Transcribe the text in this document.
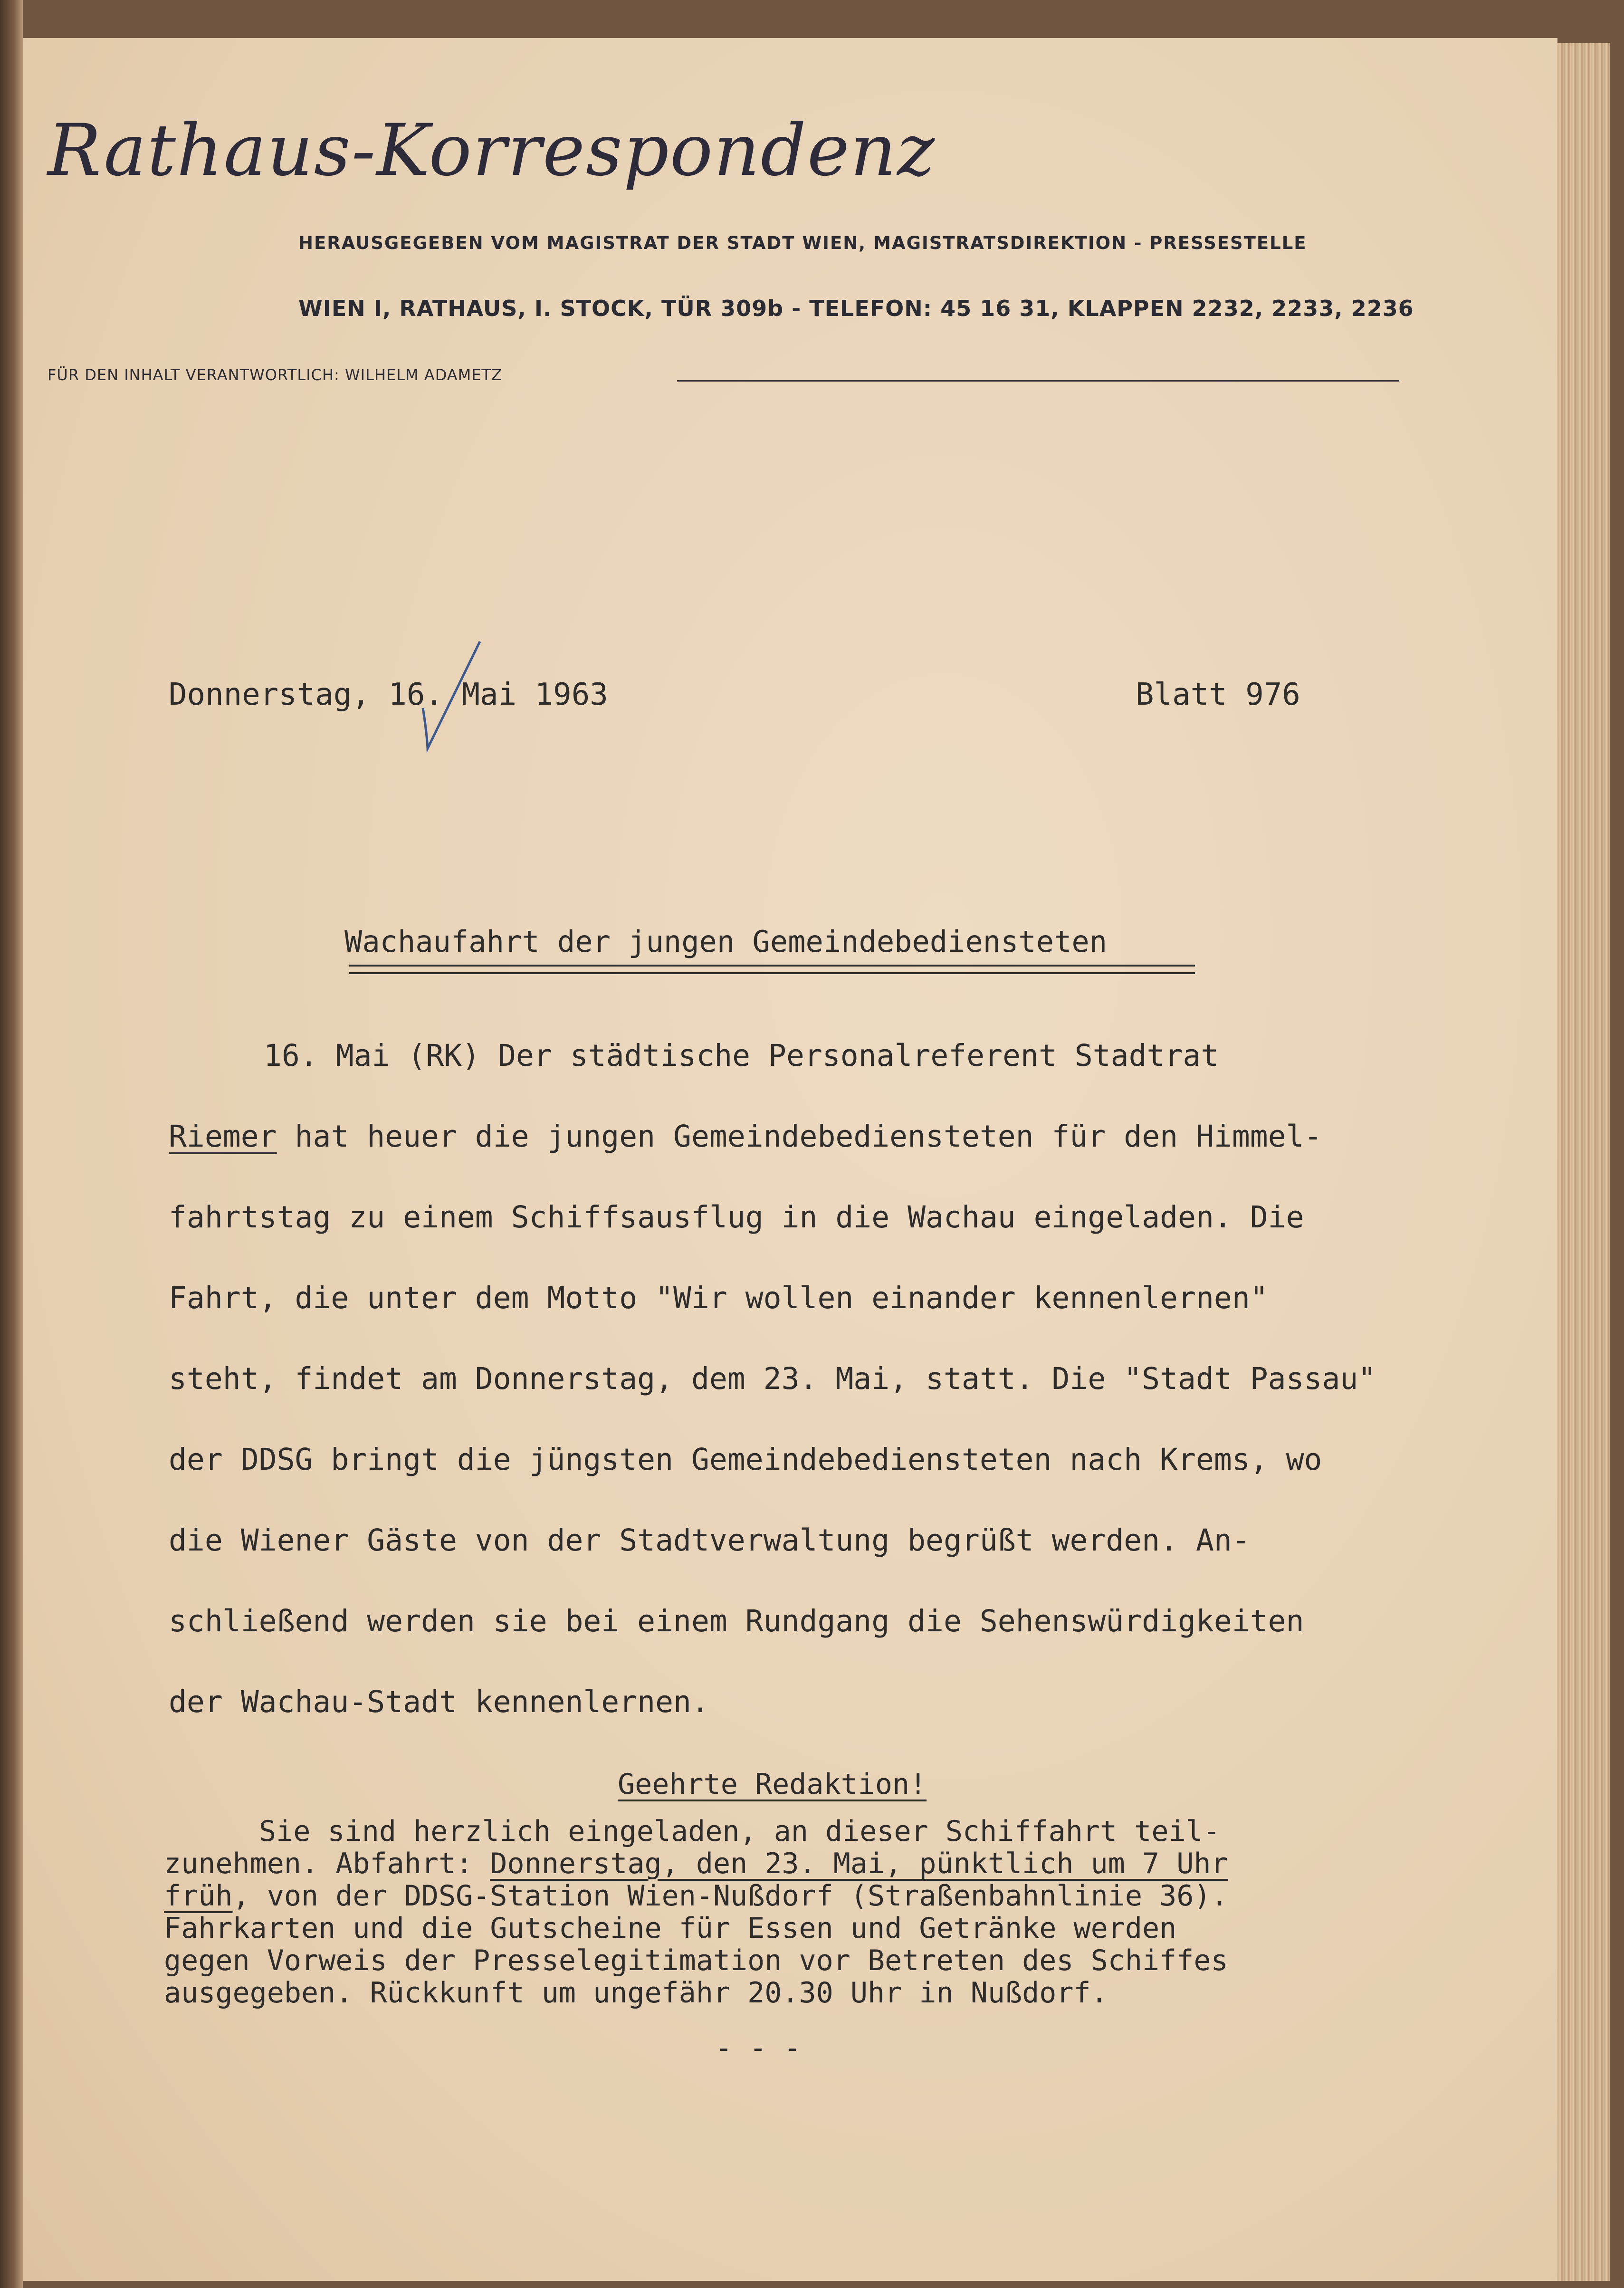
Rathaus-Korrespondenz
HERAUSGEGEBEN VOM MAGISTRAT DER STADT WIEN, MAGISTRATSDIREKTION - PRESSESTELLE
WIEN I, RATHAUS, I. STOCK, TÜR 309b - TELEFON: 45 16 31, KLAPPEN 2232, 2233, 2236
FÜR DEN INHALT VERANTWORTLICH: WILHELM ADAMETZ
Donnerstag, 16. Mai 1963	Blatt 976
Wachaufahrt der jungen Gemeindebediensteten
16. Mai (RK) Der städtische Personalreferent Stadtrat
Riemer hat heuer die jungen Gemeindebediensteten für den Himmel-
fahrtstag zu einem Schiffsausflug in die Wachau eingeladen. Die
Fahrt, die unter dem Motto "Wir wollen einander kennenlernen"
steht, findet am Donnerstag, dem 23. Mai, statt. Die "Stadt Passau"
der DDSG bringt die jüngsten Gemeindebediensteten nach Krems, wo
die Wiener Gäste von der Stadtverwaltung begrüßt werden. An-
schließend werden sie bei einem Rundgang die Sehenswürdigkeiten
der Wachau-Stadt kennenlernen.
Geehrte Redaktion!
Sie sind herzlich eingeladen, an dieser Schiffahrt teil-
zunehmen. Abfahrt: Donnerstag, den 23. Mai, pünktlich um 7 Uhr
früh, von der DDSG-Station Wien-Nußdorf (Straßenbahnlinie 36).
Fahrkarten und die Gutscheine für Essen und Getränke werden
gegen Vorweis der Presselegitimation vor Betreten des Schiffes
ausgegeben. Rückkunft um ungefähr 20.30 Uhr in Nußdorf.
- - -
